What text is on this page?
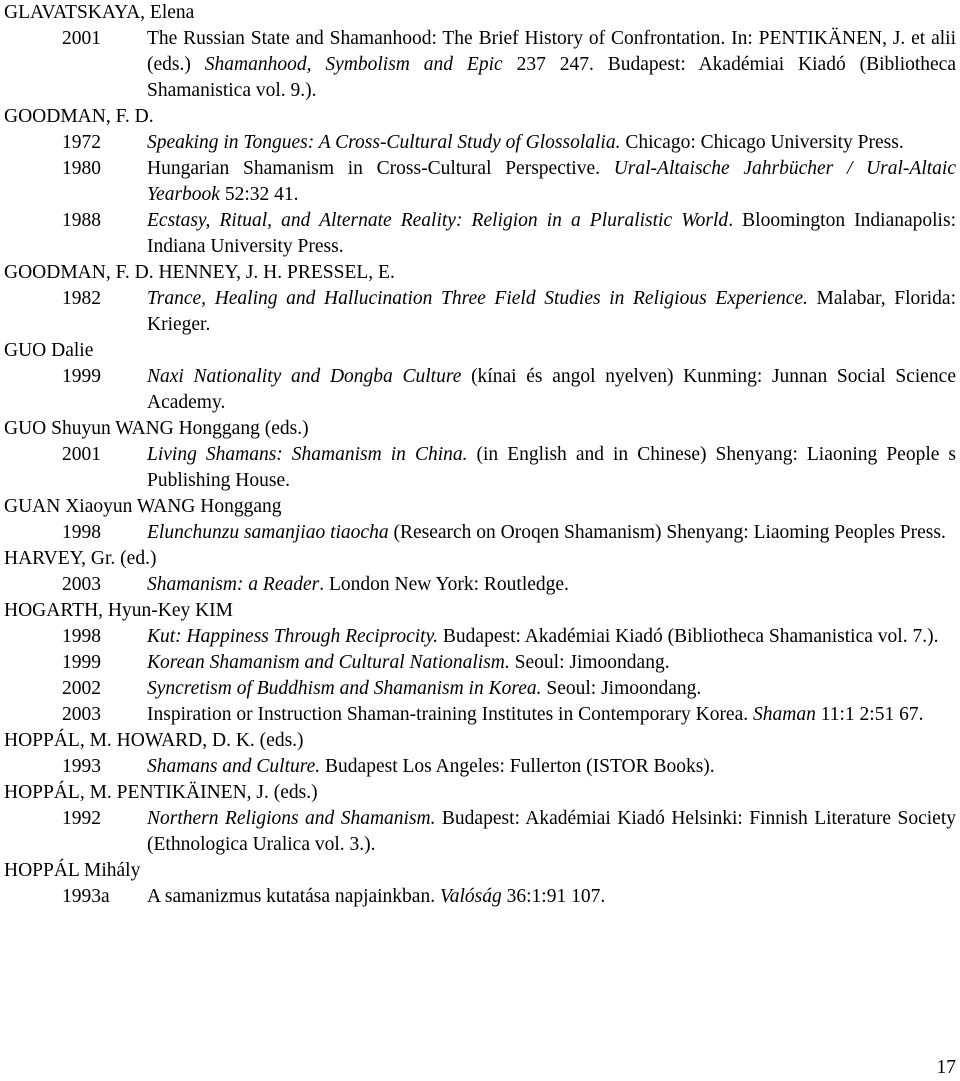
GLAVATSKAYA, Elena
2001 The Russian State and Shamanhood: The Brief History of Confrontation. In: PENTIKÄNEN, J. et alii (eds.) Shamanhood, Symbolism and Epic 237 247. Budapest: Akadémiai Kiadó (Bibliotheca Shamanistica vol. 9.).
GOODMAN, F. D.
1972 Speaking in Tongues: A Cross-Cultural Study of Glossolalia. Chicago: Chicago University Press.
1980 Hungarian Shamanism in Cross-Cultural Perspective. Ural-Altaische Jahrbücher / Ural-Altaic Yearbook 52:32 41.
1988 Ecstasy, Ritual, and Alternate Reality: Religion in a Pluralistic World. Bloomington Indianapolis: Indiana University Press.
GOODMAN, F. D. HENNEY, J. H. PRESSEL, E.
1982 Trance, Healing and Hallucination Three Field Studies in Religious Experience. Malabar, Florida: Krieger.
GUO Dalie
1999 Naxi Nationality and Dongba Culture (kínai és angol nyelven) Kunming: Junnan Social Science Academy.
GUO Shuyun WANG Honggang (eds.)
2001 Living Shamans: Shamanism in China. (in English and in Chinese) Shenyang: Liaoning People s Publishing House.
GUAN Xiaoyun WANG Honggang
1998 Elunchunzu samanjiao tiaocha (Research on Oroqen Shamanism) Shenyang: Liaoming Peoples Press.
HARVEY, Gr. (ed.)
2003 Shamanism: a Reader. London New York: Routledge.
HOGARTH, Hyun-Key KIM
1998 Kut: Happiness Through Reciprocity. Budapest: Akadémiai Kiadó (Bibliotheca Shamanistica vol. 7.).
1999 Korean Shamanism and Cultural Nationalism. Seoul: Jimoondang.
2002 Syncretism of Buddhism and Shamanism in Korea. Seoul: Jimoondang.
2003 Inspiration or Instruction Shaman-training Institutes in Contemporary Korea. Shaman 11:1 2:51 67.
HOPPÁL, M. HOWARD, D. K. (eds.)
1993 Shamans and Culture. Budapest Los Angeles: Fullerton (ISTOR Books).
HOPPÁL, M. PENTIKÄINEN, J. (eds.)
1992 Northern Religions and Shamanism. Budapest: Akadémiai Kiadó Helsinki: Finnish Literature Society (Ethnologica Uralica vol. 3.).
HOPPÁL Mihály
1993a A samanizmus kutatása napjainkban. Valóság 36:1:91 107.
17
